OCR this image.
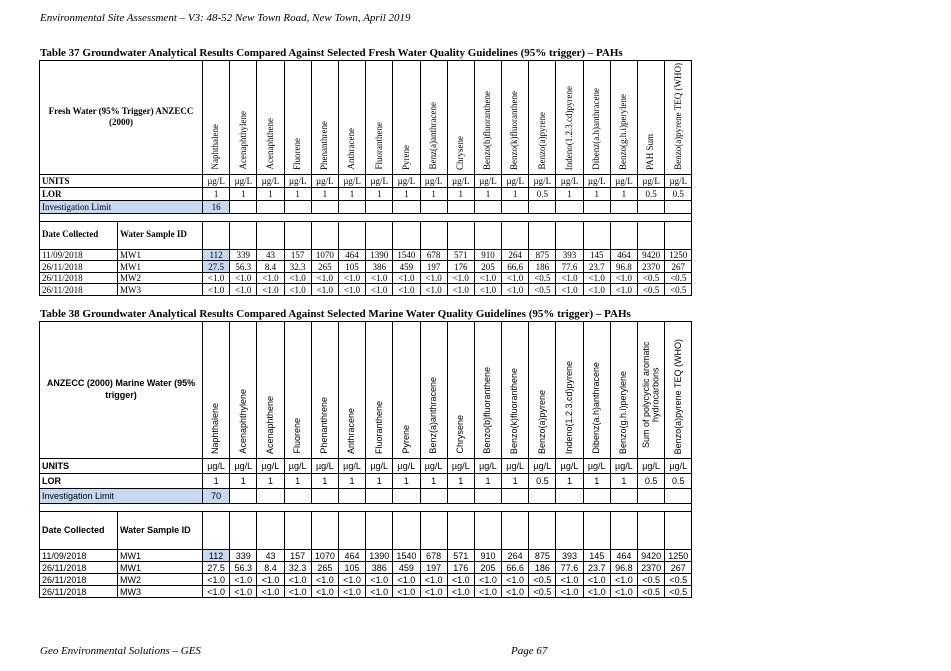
Environmental Site Assessment – V3: 48-52 New Town Road, New Town, April 2019
Table 37 Groundwater Analytical Results Compared Against Selected Fresh Water Quality Guidelines (95% trigger) – PAHs
Fresh Water (95% Trigger) ANZECC (2000)		Naphthalene	Acenaphthylene	Acenaphthene	Fluorene	Phenanthrene	Anthracene	Fluoranthene	Pyrene	Benz(a)anthracene	Chrysene	Benzo(b)fluoranthene	Benzo(k)fluoranthene	Benzo(a)pyrene	Indeno(1.2.3.cd)pyrene	Dibenz(a.h)anthracene	Benzo(g.h.i)perylene	PAH Sum	Benzo(a)pyrene TEQ (WHO)
UNITS		µg/L	µg/L	µg/L	µg/L	µg/L	µg/L	µg/L	µg/L	µg/L	µg/L	µg/L	µg/L	µg/L	µg/L	µg/L	µg/L	µg/L	µg/L
LOR		1	1	1	1	1	1	1	1	1	1	1	1	0.5	1	1	1	0.5	0.5
Investigation Limit		16																	

Date Collected	Water Sample ID																		
11/09/2018	MW1	112	339	43	157	1070	464	1390	1540	678	571	910	264	875	393	145	464	9420	1250
26/11/2018	MW1	27.5	56.3	8.4	32.3	265	105	386	459	197	176	205	66.6	186	77.6	23.7	96.8	2370	267
26/11/2018	MW2	<1.0	<1.0	<1.0	<1.0	<1.0	<1.0	<1.0	<1.0	<1.0	<1.0	<1.0	<1.0	<0.5	<1.0	<1.0	<1.0	<0.5	<0.5
26/11/2018	MW3	<1.0	<1.0	<1.0	<1.0	<1.0	<1.0	<1.0	<1.0	<1.0	<1.0	<1.0	<1.0	<0.5	<1.0	<1.0	<1.0	<0.5	<0.5
Table 38 Groundwater Analytical Results Compared Against Selected Marine Water Quality Guidelines (95% trigger) – PAHs
ANZECC (2000) Marine Water (95% trigger)		Naphthalene	Acenaphthylene	Acenaphthene	Fluorene	Phenanthrene	Anthracene	Fluoranthene	Pyrene	Benz(a)anthracene	Chrysene	Benzo(b)fluoranthene	Benzo(k)fluoranthene	Benzo(a)pyrene	Indeno(1.2.3.cd)pyrene	Dibenz(a.h)anthracene	Benzo(g.h.i)perylene	Sum of polycyclic aromatic hydrocarbons	Benzo(a)pyrene TEQ (WHO)
UNITS		µg/L	µg/L	µg/L	µg/L	µg/L	µg/L	µg/L	µg/L	µg/L	µg/L	µg/L	µg/L	µg/L	µg/L	µg/L	µg/L	µg/L	µg/L
LOR		1	1	1	1	1	1	1	1	1	1	1	1	0.5	1	1	1	0.5	0.5
Investigation Limit		70																	

Date Collected	Water Sample ID																		
11/09/2018	MW1	112	339	43	157	1070	464	1390	1540	678	571	910	264	875	393	145	464	9420	1250
26/11/2018	MW1	27.5	56.3	8.4	32.3	265	105	386	459	197	176	205	66.6	186	77.6	23.7	96.8	2370	267
26/11/2018	MW2	<1.0	<1.0	<1.0	<1.0	<1.0	<1.0	<1.0	<1.0	<1.0	<1.0	<1.0	<1.0	<0.5	<1.0	<1.0	<1.0	<0.5	<0.5
26/11/2018	MW3	<1.0	<1.0	<1.0	<1.0	<1.0	<1.0	<1.0	<1.0	<1.0	<1.0	<1.0	<1.0	<0.5	<1.0	<1.0	<1.0	<0.5	<0.5
Geo Environmental Solutions – GES	Page 67
